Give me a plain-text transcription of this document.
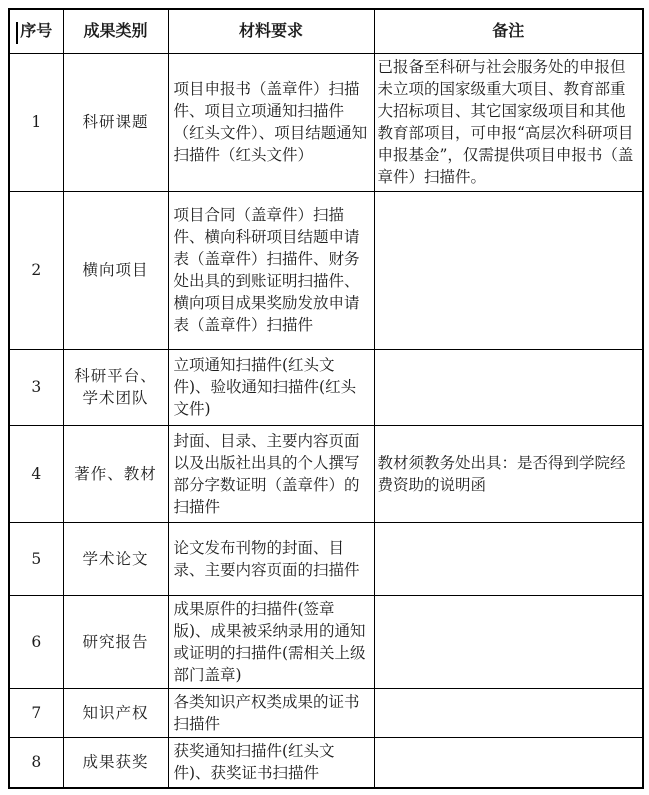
序号	成果类别	材料要求	备注
1	科研课题	项目申报书（盖章件）扫描件、项目立项通知扫描件（红头文件）、项目结题通知扫描件（红头文件）	已报备至科研与社会服务处的申报但未立项的国家级重大项目、教育部重大招标项目、其它国家级项目和其他教育部项目，可申报“高层次科研项目申报基金”，仅需提供项目申报书（盖章件）扫描件。
2	横向项目	项目合同（盖章件）扫描件、横向科研项目结题申请表（盖章件）扫描件、财务处出具的到账证明扫描件、横向项目成果奖励发放申请表（盖章件）扫描件	
3	科研平台、学术团队	立项通知扫描件(红头文件)、验收通知扫描件(红头文件)	
4	著作、教材	封面、目录、主要内容页面以及出版社出具的个人撰写部分字数证明（盖章件）的扫描件	教材须教务处出具：是否得到学院经费资助的说明函
5	学术论文	论文发布刊物的封面、目录、主要内容页面的扫描件	
6	研究报告	成果原件的扫描件(签章版)、成果被采纳录用的通知或证明的扫描件(需相关上级部门盖章)	
7	知识产权	各类知识产权类成果的证书扫描件	
8	成果获奖	获奖通知扫描件(红头文件)、获奖证书扫描件	
